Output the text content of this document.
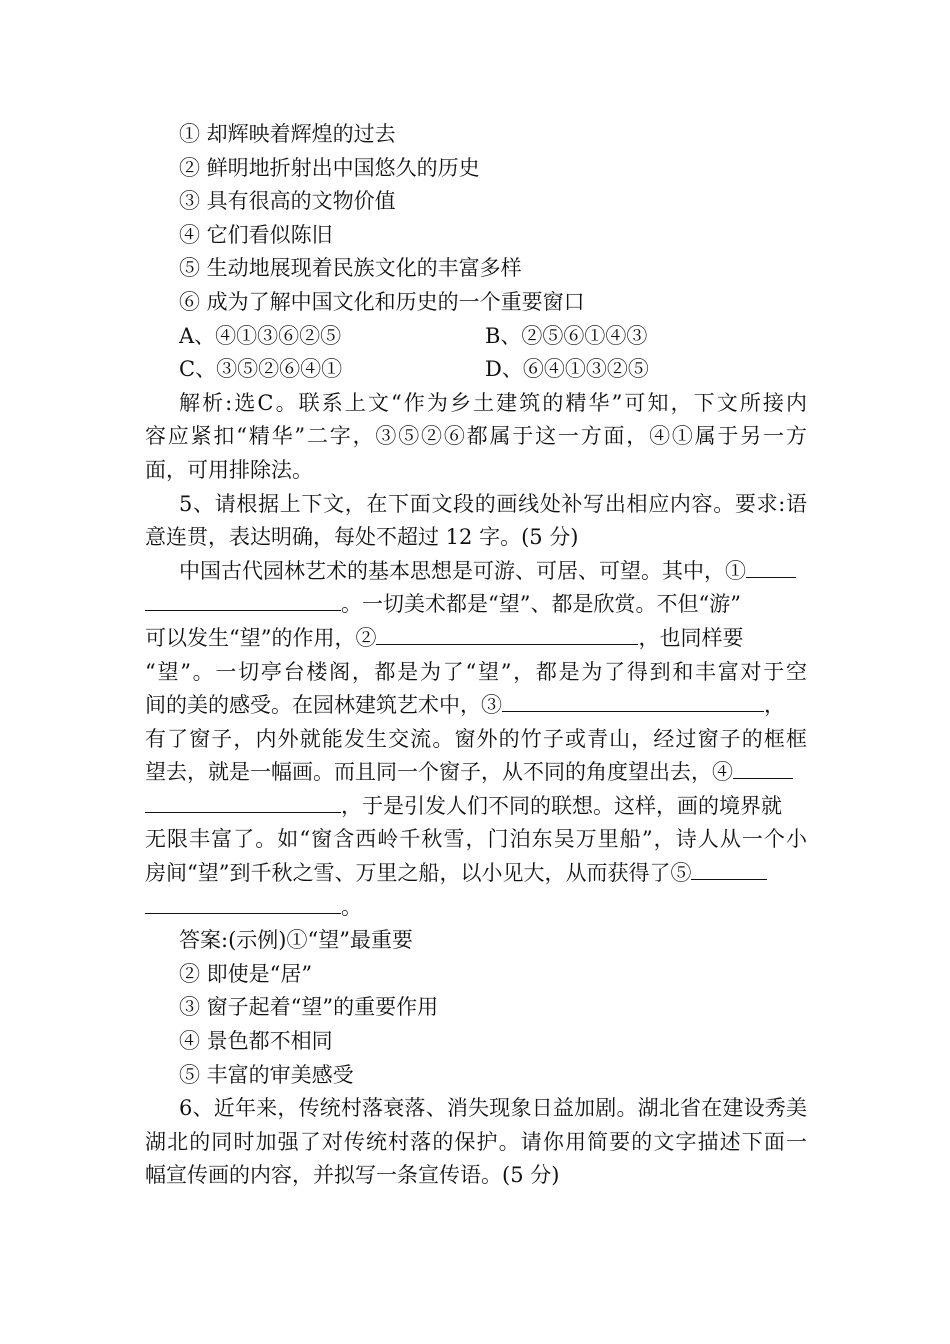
① 却辉映着辉煌的过去
② 鲜明地折射出中国悠久的历史
③ 具有很高的文物价值
④ 它们看似陈旧
⑤ 生动地展现着民族文化的丰富多样
⑥ 成为了解中国文化和历史的一个重要窗口
A、④①③⑥②⑤	B、②⑤⑥①④③
C、③⑤②⑥④①	D、⑥④①③②⑤
解析:选C。联系上文“作为乡土建筑的精华”可知，下文所接内
容应紧扣“精华”二字，③⑤②⑥都属于这一方面，④①属于另一方
面，可用排除法。
5、请根据上下文，在下面文段的画线处补写出相应内容。要求:语
意连贯，表达明确，每处不超过 12 字。(5 分)
中国古代园林艺术的基本思想是可游、可居、可望。其中，①
。一切美术都是“望”、都是欣赏。不但“游”
可以发生“望”的作用，②	，也同样要
“望”。一切亭台楼阁，都是为了“望”，都是为了得到和丰富对于空
间的美的感受。在园林建筑艺术中，③	，
有了窗子，内外就能发生交流。窗外的竹子或青山，经过窗子的框框
望去，就是一幅画。而且同一个窗子，从不同的角度望出去，④
，于是引发人们不同的联想。这样，画的境界就
无限丰富了。如“窗含西岭千秋雪，门泊东吴万里船”，诗人从一个小
房间“望”到千秋之雪、万里之船，以小见大，从而获得了⑤
。
答案:(示例)①“望”最重要
② 即使是“居”
③ 窗子起着“望”的重要作用
④ 景色都不相同
⑤ 丰富的审美感受
6、近年来，传统村落衰落、消失现象日益加剧。湖北省在建设秀美
湖北的同时加强了对传统村落的保护。请你用简要的文字描述下面一
幅宣传画的内容，并拟写一条宣传语。(5 分)
